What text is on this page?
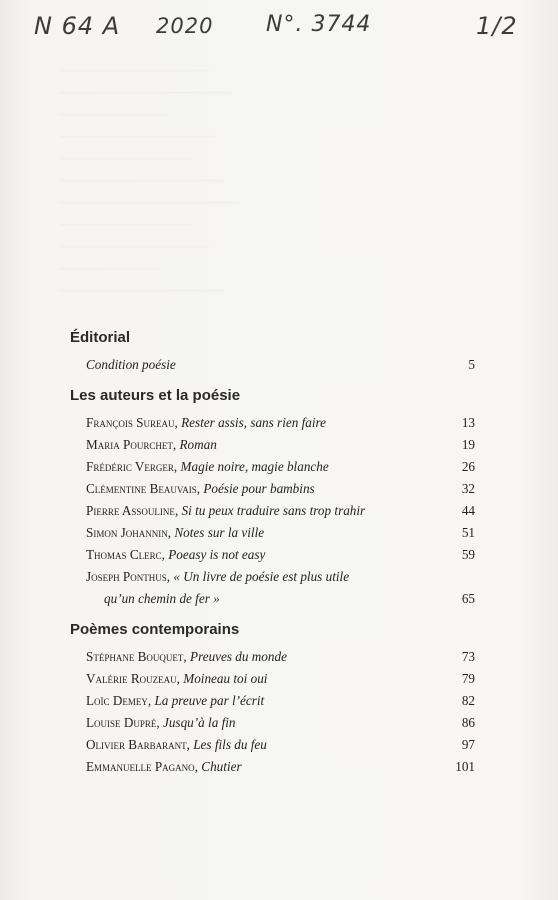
───────────────────
──────────────────────
──────────────
────────────────────
─────────────────
─────────────────────
───────────────────────
─────────────────
───────────────────
─────────────
─────────────────────
N 64 A 2020 N°. 3744	1/2
Éditorial
Condition poésie	5
Les auteurs et la poésie
François Sureau, Rester assis, sans rien faire	13
Maria Pourchet, Roman	19
Frédéric Verger, Magie noire, magie blanche	26
Clémentine Beauvais, Poésie pour bambins	32
Pierre Assouline, Si tu peux traduire sans trop trahir	44
Simon Johannin, Notes sur la ville	51
Thomas Clerc, Poeasy is not easy	59
Joseph Ponthus, « Un livre de poésie est plus utile
qu’un chemin de fer »	65
Poèmes contemporains
Stéphane Bouquet, Preuves du monde	73
Valérie Rouzeau, Moineau toi oui	79
Loïc Demey, La preuve par l’écrit	82
Louise Dupré, Jusqu’à la fin	86
Olivier Barbarant, Les fils du feu	97
Emmanuelle Pagano, Chutier	101
